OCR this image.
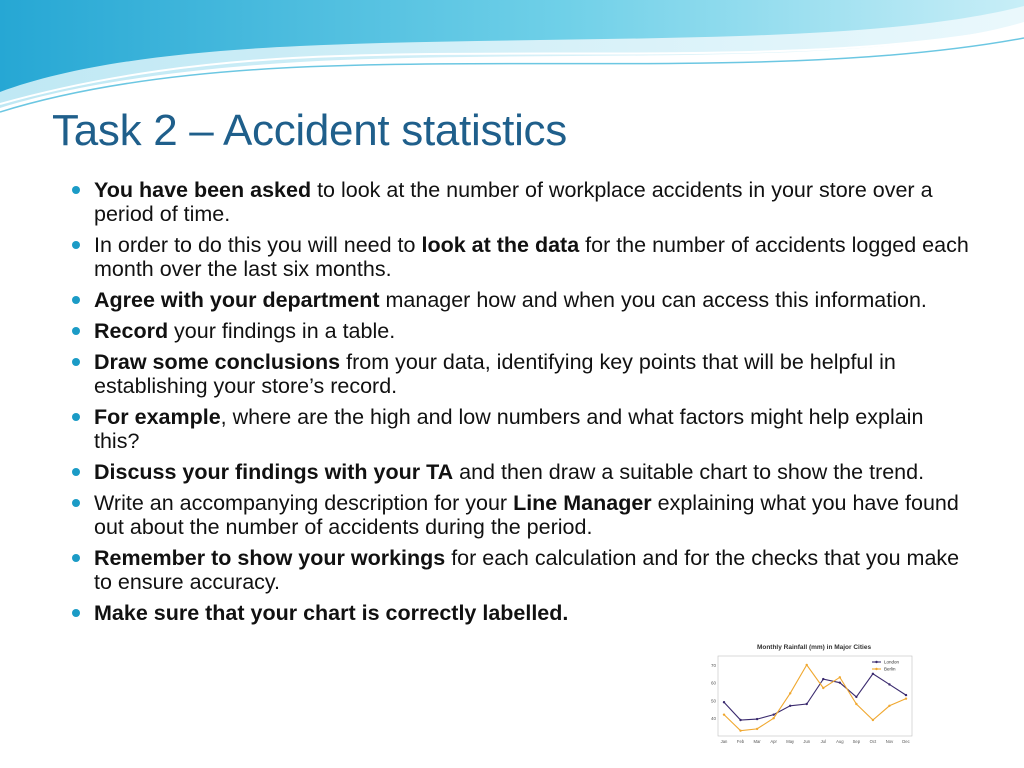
Task 2 – Accident statistics
You have been asked to look at the number of workplace accidents in your store over a period of time.
In order to do this you will need to look at the data for the number of accidents logged each month over the last six months.
Agree with your department manager how and when you can access this information.
Record your findings in a table.
Draw some conclusions from your data, identifying key points that will be helpful in establishing your store’s record.
For example, where are the high and low numbers and what factors might help explain this?
Discuss your findings with your TA and then draw a suitable chart to show the trend.
Write an accompanying description for your Line Manager explaining what you have found out about the number of accidents during the period.
Remember to show your workings for each calculation and for the checks that you make to ensure accuracy.
Make sure that your chart is correctly labelled.
Monthly Rainfall (mm) in Major Cities
40
50
60
70
Jan Feb Mar Apr May Jun Jul Aug Sep Oct Nov Dec
London
Berlin
